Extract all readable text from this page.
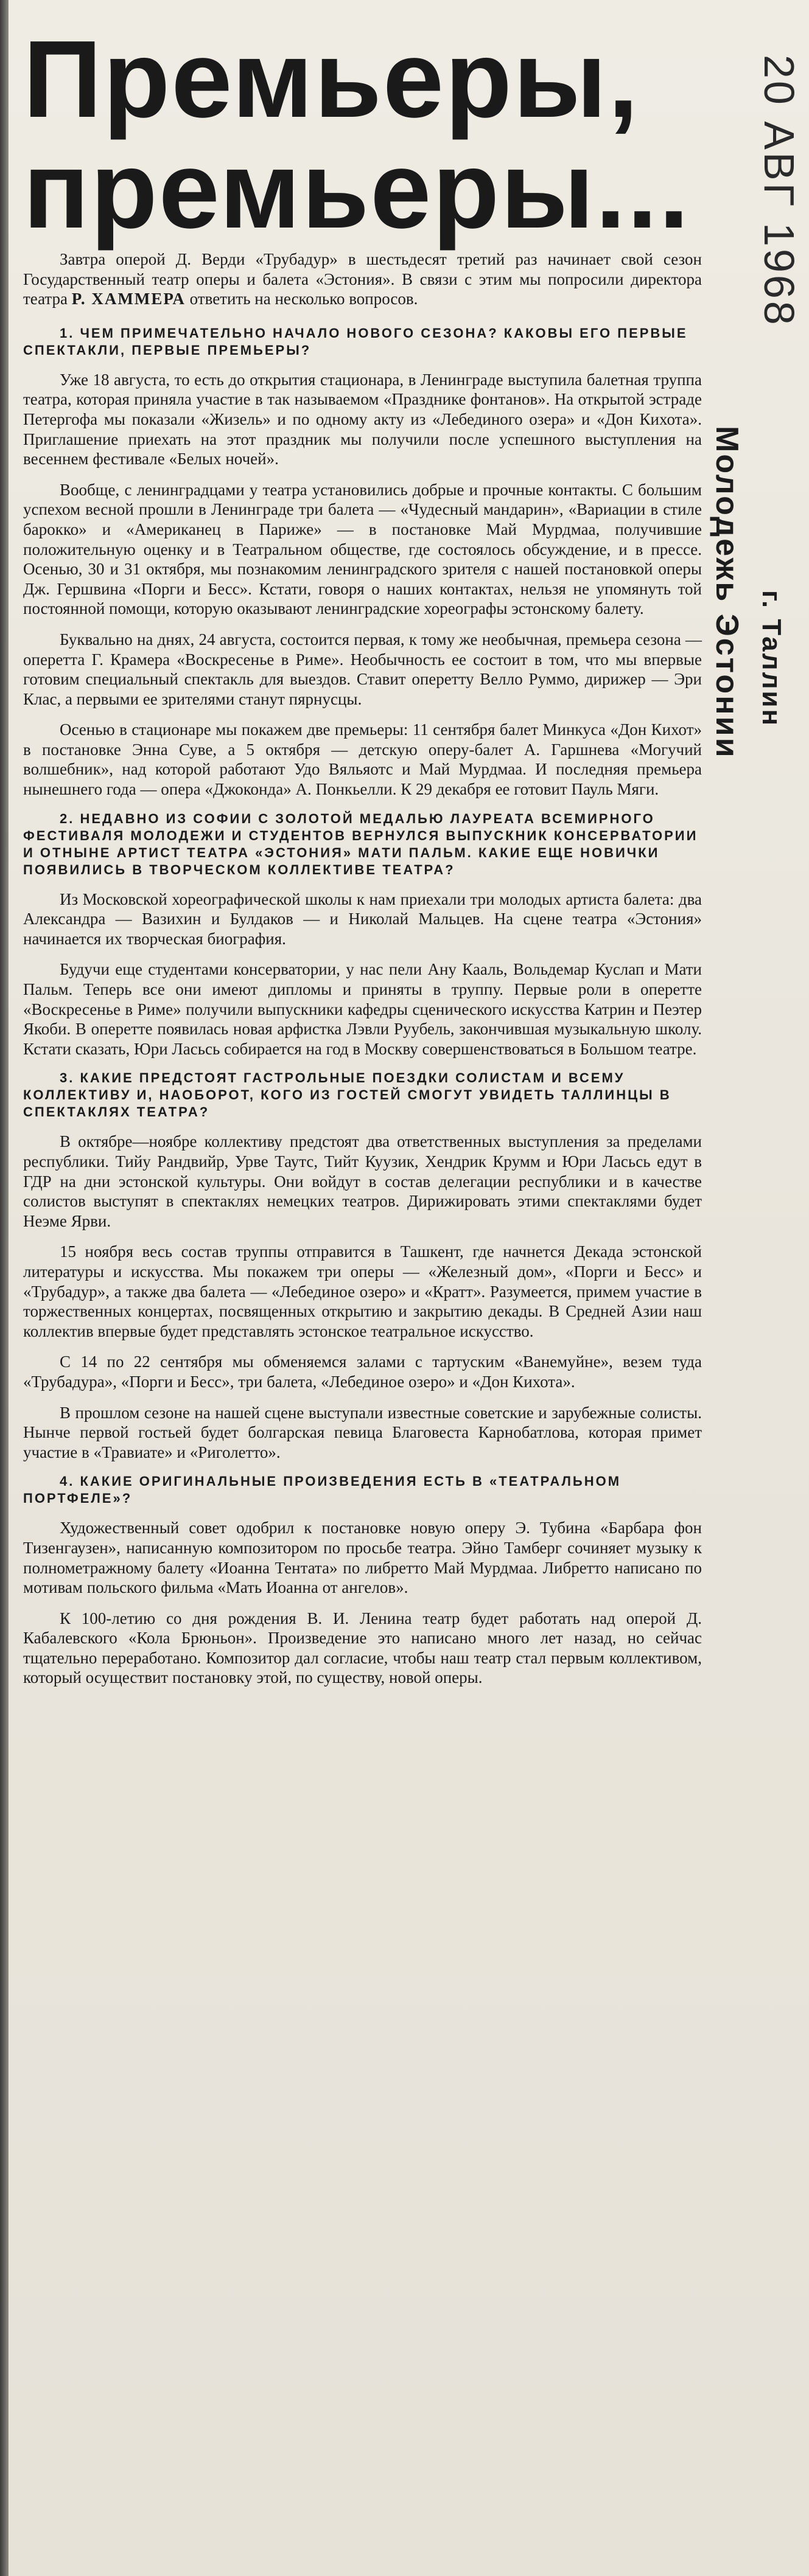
Премьеры,
премьеры... 20 АВГ 1968
Молодежь Эстонии г. Таллин

Завтра оперой Д. Верди «Трубадур» в шестьдесят третий раз начинает свой сезон Государственный театр оперы и балета «Эстония». В связи с этим мы попросили директора театра Р. ХАММЕРА ответить на несколько вопросов.

1. ЧЕМ ПРИМЕЧАТЕЛЬНО НАЧАЛО НОВОГО СЕЗОНА? КАКОВЫ ЕГО ПЕРВЫЕ СПЕКТАКЛИ, ПЕРВЫЕ ПРЕМЬЕРЫ?

Уже 18 августа, то есть до открытия стационара, в Ленинграде выступила балетная труппа театра, которая приняла участие в так называемом «Празднике фонтанов». На открытой эстраде Петергофа мы показали «Жизель» и по одному акту из «Лебединого озера» и «Дон Кихота». Приглашение приехать на этот праздник мы получили после успешного выступления на весеннем фестивале «Белых ночей».

Вообще, с ленинградцами у театра установились добрые и прочные контакты. С большим успехом весной прошли в Ленинграде три балета — «Чудесный мандарин», «Вариации в стиле барокко» и «Американец в Париже» — в постановке Май Мурдмаа, получившие положительную оценку и в Театральном обществе, где состоялось обсуждение, и в прессе. Осенью, 30 и 31 октября, мы познакомим ленинградского зрителя с нашей постановкой оперы Дж. Гершвина «Порги и Бесс». Кстати, говоря о наших контактах, нельзя не упомянуть той постоянной помощи, которую оказывают ленинградские хореографы эстонскому балету.

Буквально на днях, 24 августа, состоится первая, к тому же необычная, премьера сезона — оперетта Г. Крамера «Воскресенье в Риме». Необычность ее состоит в том, что мы впервые готовим специальный спектакль для выездов. Ставит оперетту Велло Руммо, дирижер — Эри Клас, а первыми ее зрителями станут пярнусцы.

Осенью в стационаре мы покажем две премьеры: 11 сентября балет Минкуса «Дон Кихот» в постановке Энна Суве, а 5 октября — детскую оперу-балет А. Гаршнева «Могучий волшебник», над которой работают Удо Вяльяотс и Май Мурдмаа. И последняя премьера нынешнего года — опера «Джоконда» А. Понкьелли. К 29 декабря ее готовит Пауль Мяги.

2. НЕДАВНО ИЗ СОФИИ С ЗОЛОТОЙ МЕДАЛЬЮ ЛАУРЕАТА ВСЕМИРНОГО ФЕСТИВАЛЯ МОЛОДЕЖИ И СТУДЕНТОВ ВЕРНУЛСЯ ВЫПУСКНИК КОНСЕРВАТОРИИ И ОТНЫНЕ АРТИСТ ТЕАТРА «ЭСТОНИЯ» МАТИ ПАЛЬМ. КАКИЕ ЕЩЕ НОВИЧКИ ПОЯВИЛИСЬ В ТВОРЧЕСКОМ КОЛЛЕКТИВЕ ТЕАТРА?

Из Московской хореографической школы к нам приехали три молодых артиста балета: два Александра — Вазихин и Булдаков — и Николай Мальцев. На сцене театра «Эстония» начинается их творческая биография.

Будучи еще студентами консерватории, у нас пели Ану Кааль, Вольдемар Куслап и Мати Пальм. Теперь все они имеют дипломы и приняты в труппу. Первые роли в оперетте «Воскресенье в Риме» получили выпускники кафедры сценического искусства Катрин и Пеэтер Якоби. В оперетте появилась новая арфистка Лэвли Руубель, закончившая музыкальную школу. Кстати сказать, Юри Ласьсь собирается на год в Москву совершенствоваться в Большом театре.

3. КАКИЕ ПРЕДСТОЯТ ГАСТРОЛЬНЫЕ ПОЕЗДКИ СОЛИСТАМ И ВСЕМУ КОЛЛЕКТИВУ И, НАОБОРОТ, КОГО ИЗ ГОСТЕЙ СМОГУТ УВИДЕТЬ ТАЛЛИНЦЫ В СПЕКТАКЛЯХ ТЕАТРА?

В октябре—ноябре коллективу предстоят два ответственных выступления за пределами республики. Тийу Рандвийр, Урве Таутс, Тийт Куузик, Хендрик Крумм и Юри Ласьсь едут в ГДР на дни эстонской культуры. Они войдут в состав делегации республики и в качестве солистов выступят в спектаклях немецких театров. Дирижировать этими спектаклями будет Неэме Ярви.

15 ноября весь состав труппы отправится в Ташкент, где начнется Декада эстонской литературы и искусства. Мы покажем три оперы — «Железный дом», «Порги и Бесс» и «Трубадур», а также два балета — «Лебединое озеро» и «Кратт». Разумеется, примем участие в торжественных концертах, посвященных открытию и закрытию декады. В Средней Азии наш коллектив впервые будет представлять эстонское театральное искусство.

С 14 по 22 сентября мы обменяемся залами с тартуским «Ванемуйне», везем туда «Трубадура», «Порги и Бесс», три балета, «Лебединое озеро» и «Дон Кихота».

В прошлом сезоне на нашей сцене выступали известные советские и зарубежные солисты. Нынче первой гостьей будет болгарская певица Благовеста Карнобатлова, которая примет участие в «Травиате» и «Риголетто».

4. КАКИЕ ОРИГИНАЛЬНЫЕ ПРОИЗВЕДЕНИЯ ЕСТЬ В «ТЕАТРАЛЬНОМ ПОРТФЕЛЕ»?

Художественный совет одобрил к постановке новую оперу Э. Тубина «Барбара фон Тизенгаузен», написанную композитором по просьбе театра. Эйно Тамберг сочиняет музыку к полнометражному балету «Иоанна Тентата» по либретто Май Мурдмаа. Либретто написано по мотивам польского фильма «Мать Иоанна от ангелов».

К 100-летию со дня рождения В. И. Ленина театр будет работать над оперой Д. Кабалевского «Кола Брюньон». Произведение это написано много лет назад, но сейчас тщательно переработано. Композитор дал согласие, чтобы наш театр стал первым коллективом, который осуществит постановку этой, по существу, новой оперы.
